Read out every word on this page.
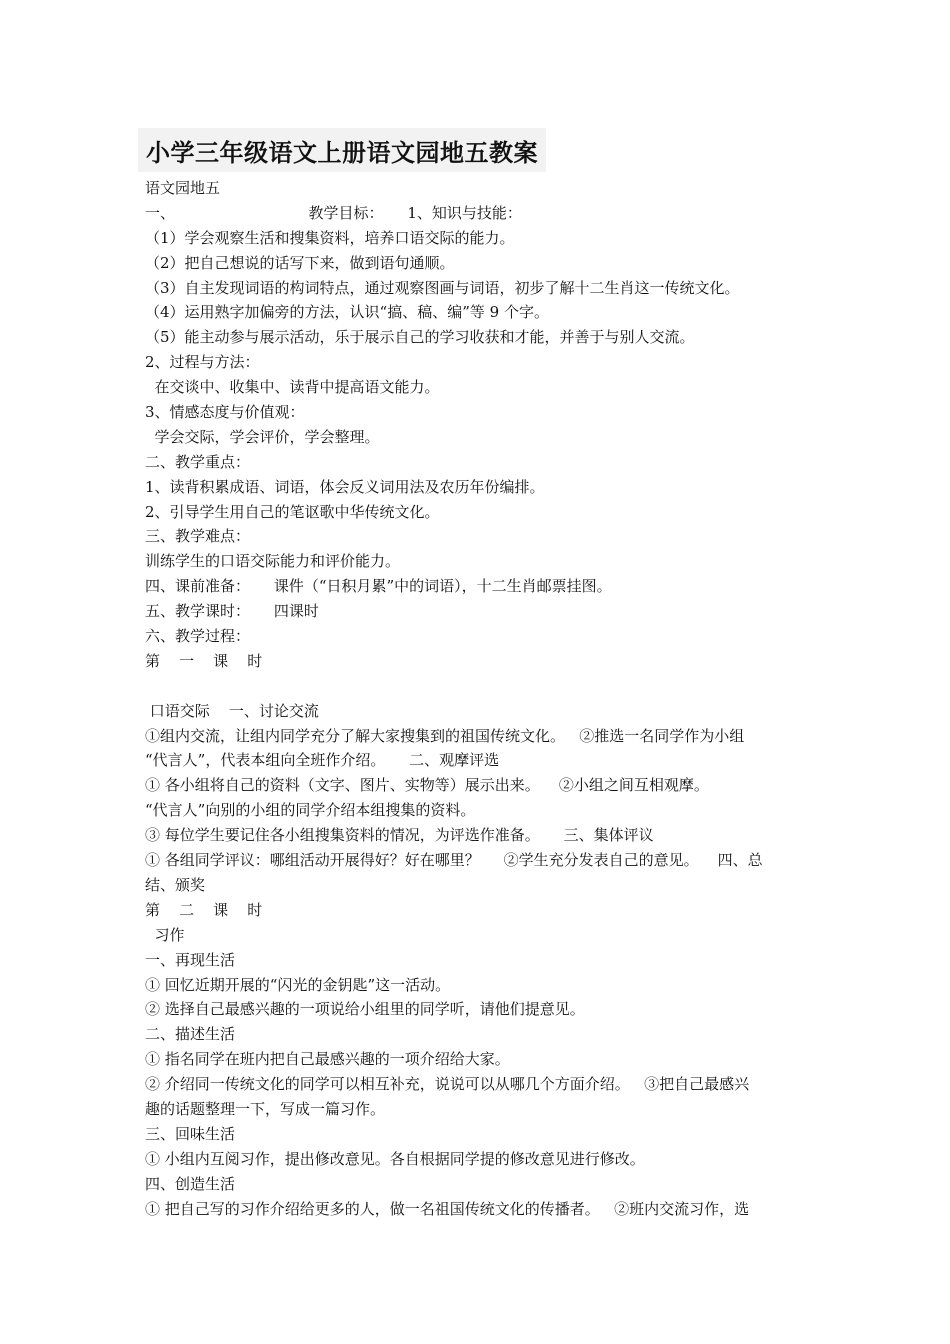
小学三年级语文上册语文园地五教案
语文园地五
一、                            教学目标：     1、知识与技能：
（1）学会观察生活和搜集资料，培养口语交际的能力。
（2）把自己想说的话写下来，做到语句通顺。
（3）自主发现词语的构词特点，通过观察图画与词语，初步了解十二生肖这一传统文化。
（4）运用熟字加偏旁的方法，认识“搞、稿、编”等 9 个字。
（5）能主动参与展示活动，乐于展示自己的学习收获和才能，并善于与别人交流。
2、过程与方法：
在交谈中、收集中、读背中提高语文能力。
3、情感态度与价值观：
学会交际，学会评价，学会整理。
二、教学重点：
1、读背积累成语、词语，体会反义词用法及农历年份编排。
2、引导学生用自己的笔讴歌中华传统文化。
三、教学难点：
训练学生的口语交际能力和评价能力。
四、课前准备：     课件（“日积月累”中的词语），十二生肖邮票挂图。
五、教学课时：     四课时
六、教学过程：
第    一    课    时
口语交际    一、讨论交流
①组内交流，让组内同学充分了解大家搜集到的祖国传统文化。   ②推选一名同学作为小组
“代言人”，代表本组向全班作介绍。     二、观摩评选
① 各小组将自己的资料（文字、图片、实物等）展示出来。    ②小组之间互相观摩。
“代言人”向别的小组的同学介绍本组搜集的资料。
③ 每位学生要记住各小组搜集资料的情况，为评选作准备。     三、集体评议
① 各组同学评议：哪组活动开展得好？好在哪里？     ②学生充分发表自己的意见。    四、总
结、颁奖
第    二    课    时
习作
一、再现生活
① 回忆近期开展的“闪光的金钥匙”这一活动。
② 选择自己最感兴趣的一项说给小组里的同学听，请他们提意见。
二、描述生活
① 指名同学在班内把自己最感兴趣的一项介绍给大家。
② 介绍同一传统文化的同学可以相互补充，说说可以从哪几个方面介绍。   ③把自己最感兴
趣的话题整理一下，写成一篇习作。
三、回味生活
① 小组内互阅习作，提出修改意见。各自根据同学提的修改意见进行修改。
四、创造生活
① 把自己写的习作介绍给更多的人，做一名祖国传统文化的传播者。   ②班内交流习作，选
